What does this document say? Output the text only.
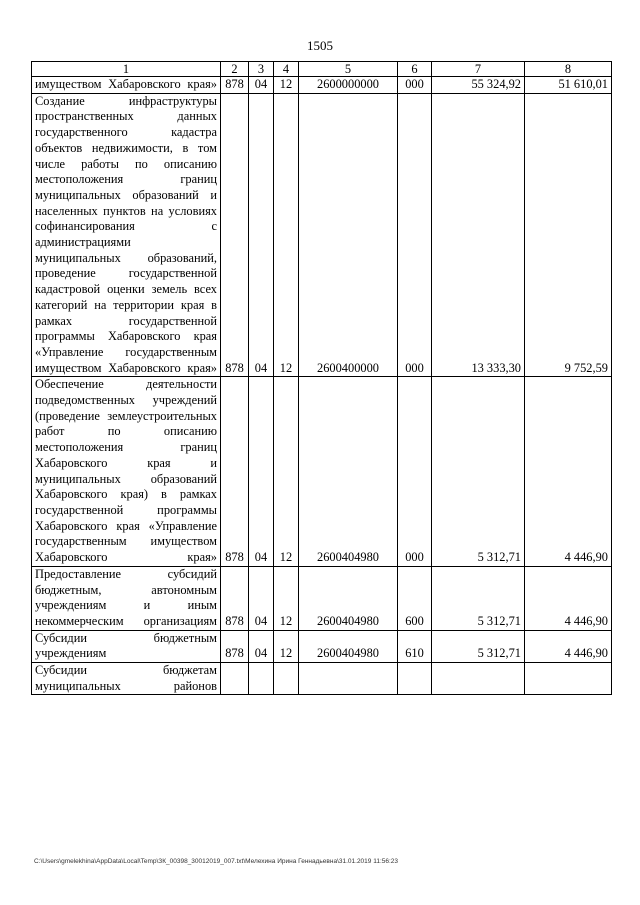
1505
1	2	3	4	5	6	7	8
имуществом Хабаровского края»	878	04	12	2600000000	000	55 324,92	51 610,01
Создание инфраструктуры пространственных данных государственного кадастра объектов недвижимости, в том числе работы по описанию местоположения границ муниципальных образований и населенных пунктов на условиях софинансирования с администрациями муниципальных образований, проведение государственной кадастровой оценки земель всех категорий на территории края в рамках государственной программы Хабаровского края «Управление государственным имуществом Хабаровского края»	878	04	12	2600400000	000	13 333,30	9 752,59
Обеспечение деятельности подведомственных учреждений (проведение землеустроительных работ по описанию местоположения границ Хабаровского края и муниципальных образований Хабаровского края) в рамках государственной программы Хабаровского края «Управление государственным имуществом Хабаровского края»	878	04	12	2600404980	000	5 312,71	4 446,90
Предоставление субсидий бюджетным, автономным учреждениям и иным некоммерческим организациям	878	04	12	2600404980	600	5 312,71	4 446,90
Субсидии бюджетным учреждениям	878	04	12	2600404980	610	5 312,71	4 446,90
Субсидии бюджетам муниципальных районов							
C:\Users\gmelekhina\AppData\Local\Temp\ЗК_00398_30012019_007.txt\Мелехина Ирина Геннадьевна\31.01.2019 11:56:23
